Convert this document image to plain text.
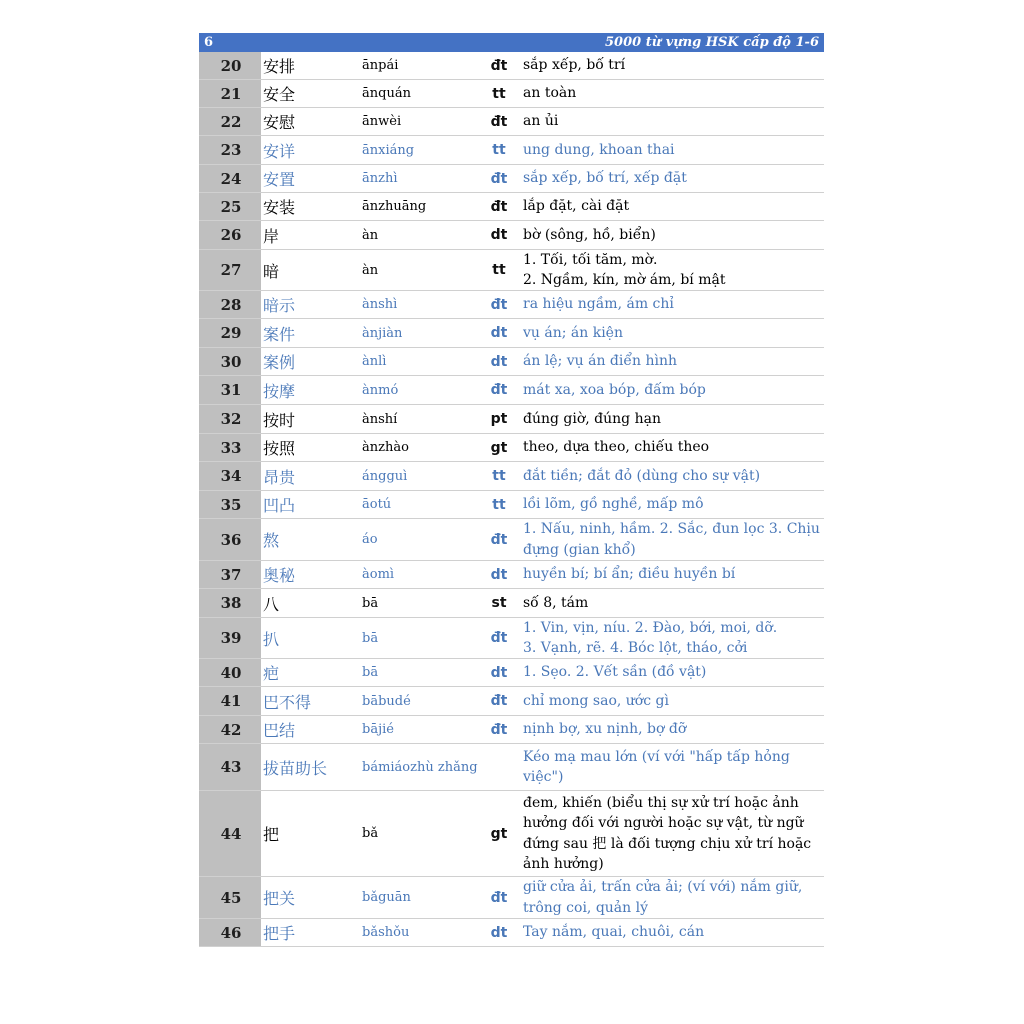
6	5000 từ vựng HSK cấp độ 1-6
20 安排	ānpái	đt sắp xếp, bố trí
21 安全	ānquán	tt an toàn
22 安慰	ānwèi	đt an ủi
23 安详	ānxiáng	tt ung dung, khoan thai
24 安置	ānzhì	đt sắp xếp, bố trí, xếp đặt
25 安装	ānzhuāng	đt lắp đặt, cài đặt
26 岸	àn	dt bờ (sông, hồ, biển)
27 暗	àn	tt
1. Tối, tối tăm, mờ.
2. Ngầm, kín, mờ ám, bí mật
28 暗示	ànshì	đt ra hiệu ngầm, ám chỉ
29 案件	ànjiàn	dt vụ án; án kiện
30 案例	ànlì	dt án lệ; vụ án điển hình
31 按摩	ànmó	đt mát xa, xoa bóp, đấm bóp
32 按时	ànshí	pt đúng giờ, đúng hạn
33 按照	ànzhào	gt theo, dựa theo, chiếu theo
34 昂贵	ángguì	tt đắt tiền; đắt đỏ (dùng cho sự vật)
35 凹凸	āotú	tt lồi lõm, gồ nghề, mấp mô
36 熬	áo	đt
1. Nấu, ninh, hầm. 2. Sắc, đun lọc 3. Chịu đựng (gian khổ)
37 奥秘	àomì	dt huyền bí; bí ẩn; điều huyền bí
38 八	bā	st số 8, tám
39 扒	bā	đt
1. Vin, vịn, níu. 2. Đào, bới, moi, dỡ.
3. Vạnh, rẽ. 4. Bóc lột, tháo, cởi
40 疤	bā	dt 1. Sẹo. 2. Vết sần (đồ vật)
41 巴不得	bābudé	đt chỉ mong sao, ước gì
42 巴结	bājié	đt nịnh bợ, xu nịnh, bợ đỡ
43 拔苗助长	bámiáozhù zhǎng
Kéo mạ mau lớn (ví với "hấp tấp hỏng việc")
44 把	bǎ	gt
đem, khiến (biểu thị sự xử trí hoặc ảnh hưởng đối với người hoặc sự vật, từ ngữ đứng sau 把 là đối tượng chịu xử trí hoặc ảnh hưởng)
45 把关	bǎguān	đt
giữ cửa ải, trấn cửa ải; (ví với) nắm giữ, trông coi, quản lý
46 把手	bǎshǒu	dt Tay nắm, quai, chuôi, cán
